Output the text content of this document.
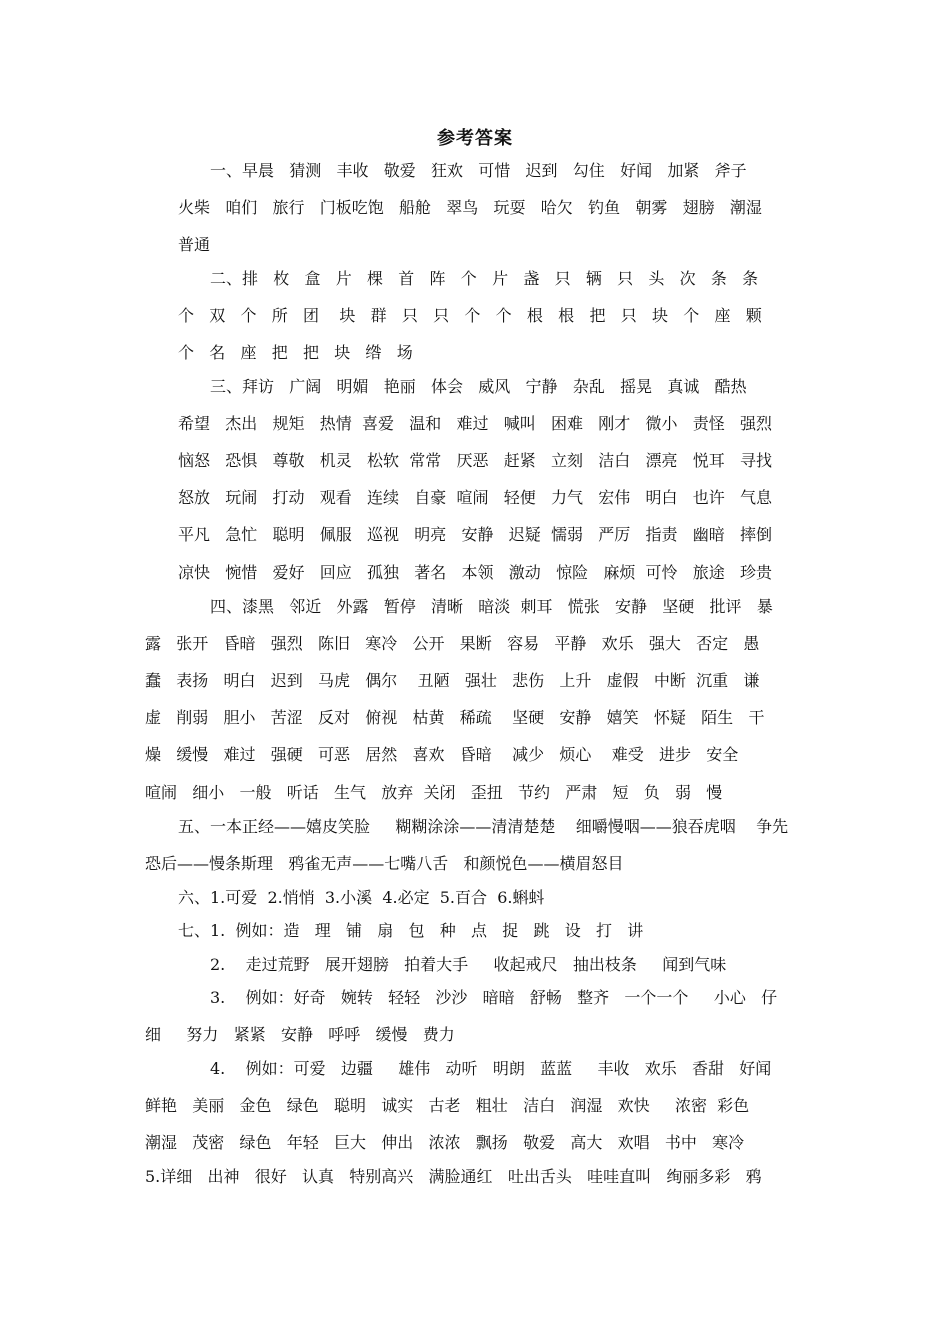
参考答案
一、早晨   猜测   丰收   敬爱   狂欢   可惜   迟到   勾住   好闻   加紧   斧子
火柴   咱们   旅行   门板吃饱   船舱   翠鸟   玩耍   哈欠   钓鱼   朝雾   翅膀   潮湿
普通
二、排   枚   盒   片   棵   首   阵   个   片   盏   只   辆   只   头   次   条   条
个   双   个   所   团    块   群   只   只   个   个   根   根   把   只   块   个   座   颗
个   名   座   把   把   块   绺   场
三、拜访   广阔   明媚   艳丽   体会   威风   宁静   杂乱   摇晃   真诚   酷热
希望   杰出   规矩   热情  喜爱   温和   难过   喊叫   困难   刚才   微小   责怪   强烈
恼怒   恐惧   尊敬   机灵   松软  常常   厌恶   赶紧   立刻   洁白   漂亮   悦耳   寻找
怒放   玩闹   打动   观看   连续   自豪  喧闹   轻便   力气   宏伟   明白   也许   气息
平凡   急忙   聪明   佩服   巡视   明亮   安静   迟疑  懦弱   严厉   指责   幽暗   摔倒
凉快   惋惜   爱好   回应   孤独   著名   本领   激动   惊险   麻烦  可怜   旅途   珍贵
四、漆黑   邻近   外露   暂停   清晰   暗淡  刺耳   慌张   安静   坚硬   批评   暴
露   张开   昏暗   强烈   陈旧   寒冷   公开   果断   容易   平静   欢乐   强大   否定   愚
蠢   表扬   明白   迟到   马虎   偶尔    丑陋   强壮   悲伤   上升   虚假   中断  沉重   谦
虚   削弱   胆小   苦涩   反对   俯视   枯黄   稀疏    坚硬   安静   嬉笑   怀疑   陌生   干
燥   缓慢   难过   强硬   可恶   居然   喜欢   昏暗    减少   烦心    难受   进步   安全
喧闹   细小   一般   听话   生气   放弃  关闭   歪扭   节约   严肃   短   负   弱   慢
五、一本正经——嬉皮笑脸     糊糊涂涂——清清楚楚    细嚼慢咽——狼吞虎咽    争先
恐后——慢条斯理   鸦雀无声——七嘴八舌   和颜悦色——横眉怒目
六、1.可爱  2.悄悄  3.小溪  4.必定  5.百合  6.蝌蚪
七、1.  例如：造   理   铺   扇   包   种   点   捉   跳   设   打   讲
2.    走过荒野   展开翅膀   拍着大手     收起戒尺   抽出枝条     闻到气味
3.    例如：好奇   婉转   轻轻   沙沙   暗暗   舒畅   整齐   一个一个     小心   仔
细     努力   紧紧   安静   呼呼   缓慢   费力
4.    例如：可爱   边疆     雄伟   动听   明朗   蓝蓝     丰收   欢乐   香甜   好闻
鲜艳   美丽   金色   绿色   聪明   诚实   古老   粗壮   洁白   润湿   欢快     浓密  彩色
潮湿   茂密   绿色   年轻   巨大   伸出   浓浓   飘扬   敬爱   高大   欢唱   书中   寒冷
5.详细   出神   很好   认真   特别高兴   满脸通红   吐出舌头   哇哇直叫   绚丽多彩   鸦
